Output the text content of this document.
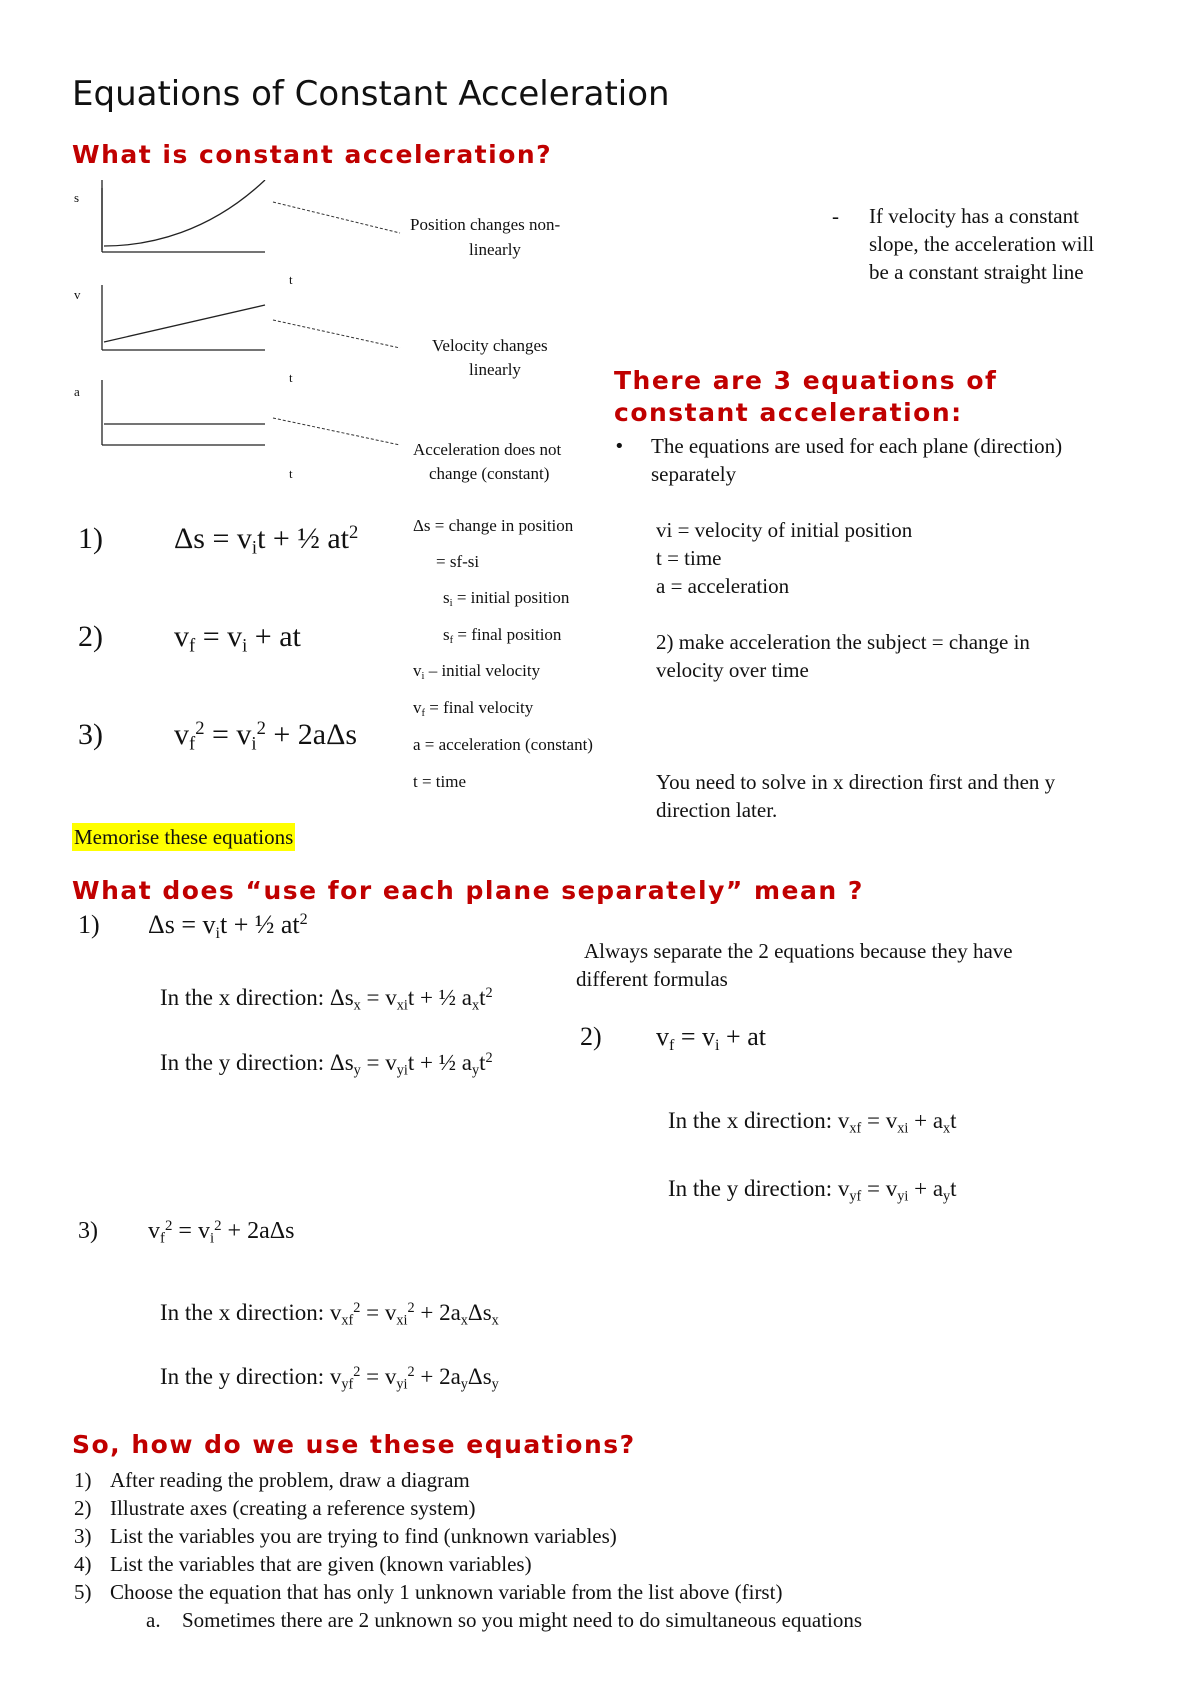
Equations of Constant Acceleration
What is constant acceleration?
s
v
a
t
t
t
Position changes non-
linearly
Velocity changes
linearly
Acceleration does not
change (constant)
- If velocity has a constant
slope, the acceleration will
be a constant straight line
There are 3 equations of
constant acceleration:
• The equations are used for each plane (direction)
separately
1) $\Delta s = v_it$ + ½ $at^2$
2) $v_f = v_i$ + at
3) $v_f^2 = v_i^2 + 2a\Delta s$
Δs = change in position
= sf-si
$s_i$ = initial position
$s_f$ = final position
$v_i$ – initial velocity
$v_f$ = final velocity
a = acceleration (constant)
t = time
vi = velocity of initial position
t = time
a = acceleration
2) make acceleration the subject = change in
velocity over time
You need to solve in x direction first and then y
direction later.
Memorise these equations
What does “use for each plane separately” mean ?
1) $\Delta s = v_it$ + ½ $at^2$
In the x direction: $\Delta s_x = v_{xi}t$ + ½ $a_xt^2$
In the y direction: $\Delta s_y = v_{yi}t$ + ½ $a_yt^2$
Always separate the 2 equations because they have
different formulas
2) $v_f = v_i$ + at
In the x direction: $v_{xf} = v_{xi} + a_xt$
In the y direction: $v_{yf} = v_{yi} + a_yt$
3) $v_f^2 = v_i^2 + 2a\Delta s$
In the x direction: $v_{xf}^2 = v_{xi}^2 + 2a_x\Delta s_x$
In the y direction: $v_{yf}^2 = v_{yi}^2 + 2a_y\Delta s_y$
So, how do we use these equations?
1) After reading the problem, draw a diagram
2) Illustrate axes (creating a reference system)
3) List the variables you are trying to find (unknown variables)
4) List the variables that are given (known variables)
5) Choose the equation that has only 1 unknown variable from the list above (first)
a.	Sometimes there are 2 unknown so you might need to do simultaneous equations
